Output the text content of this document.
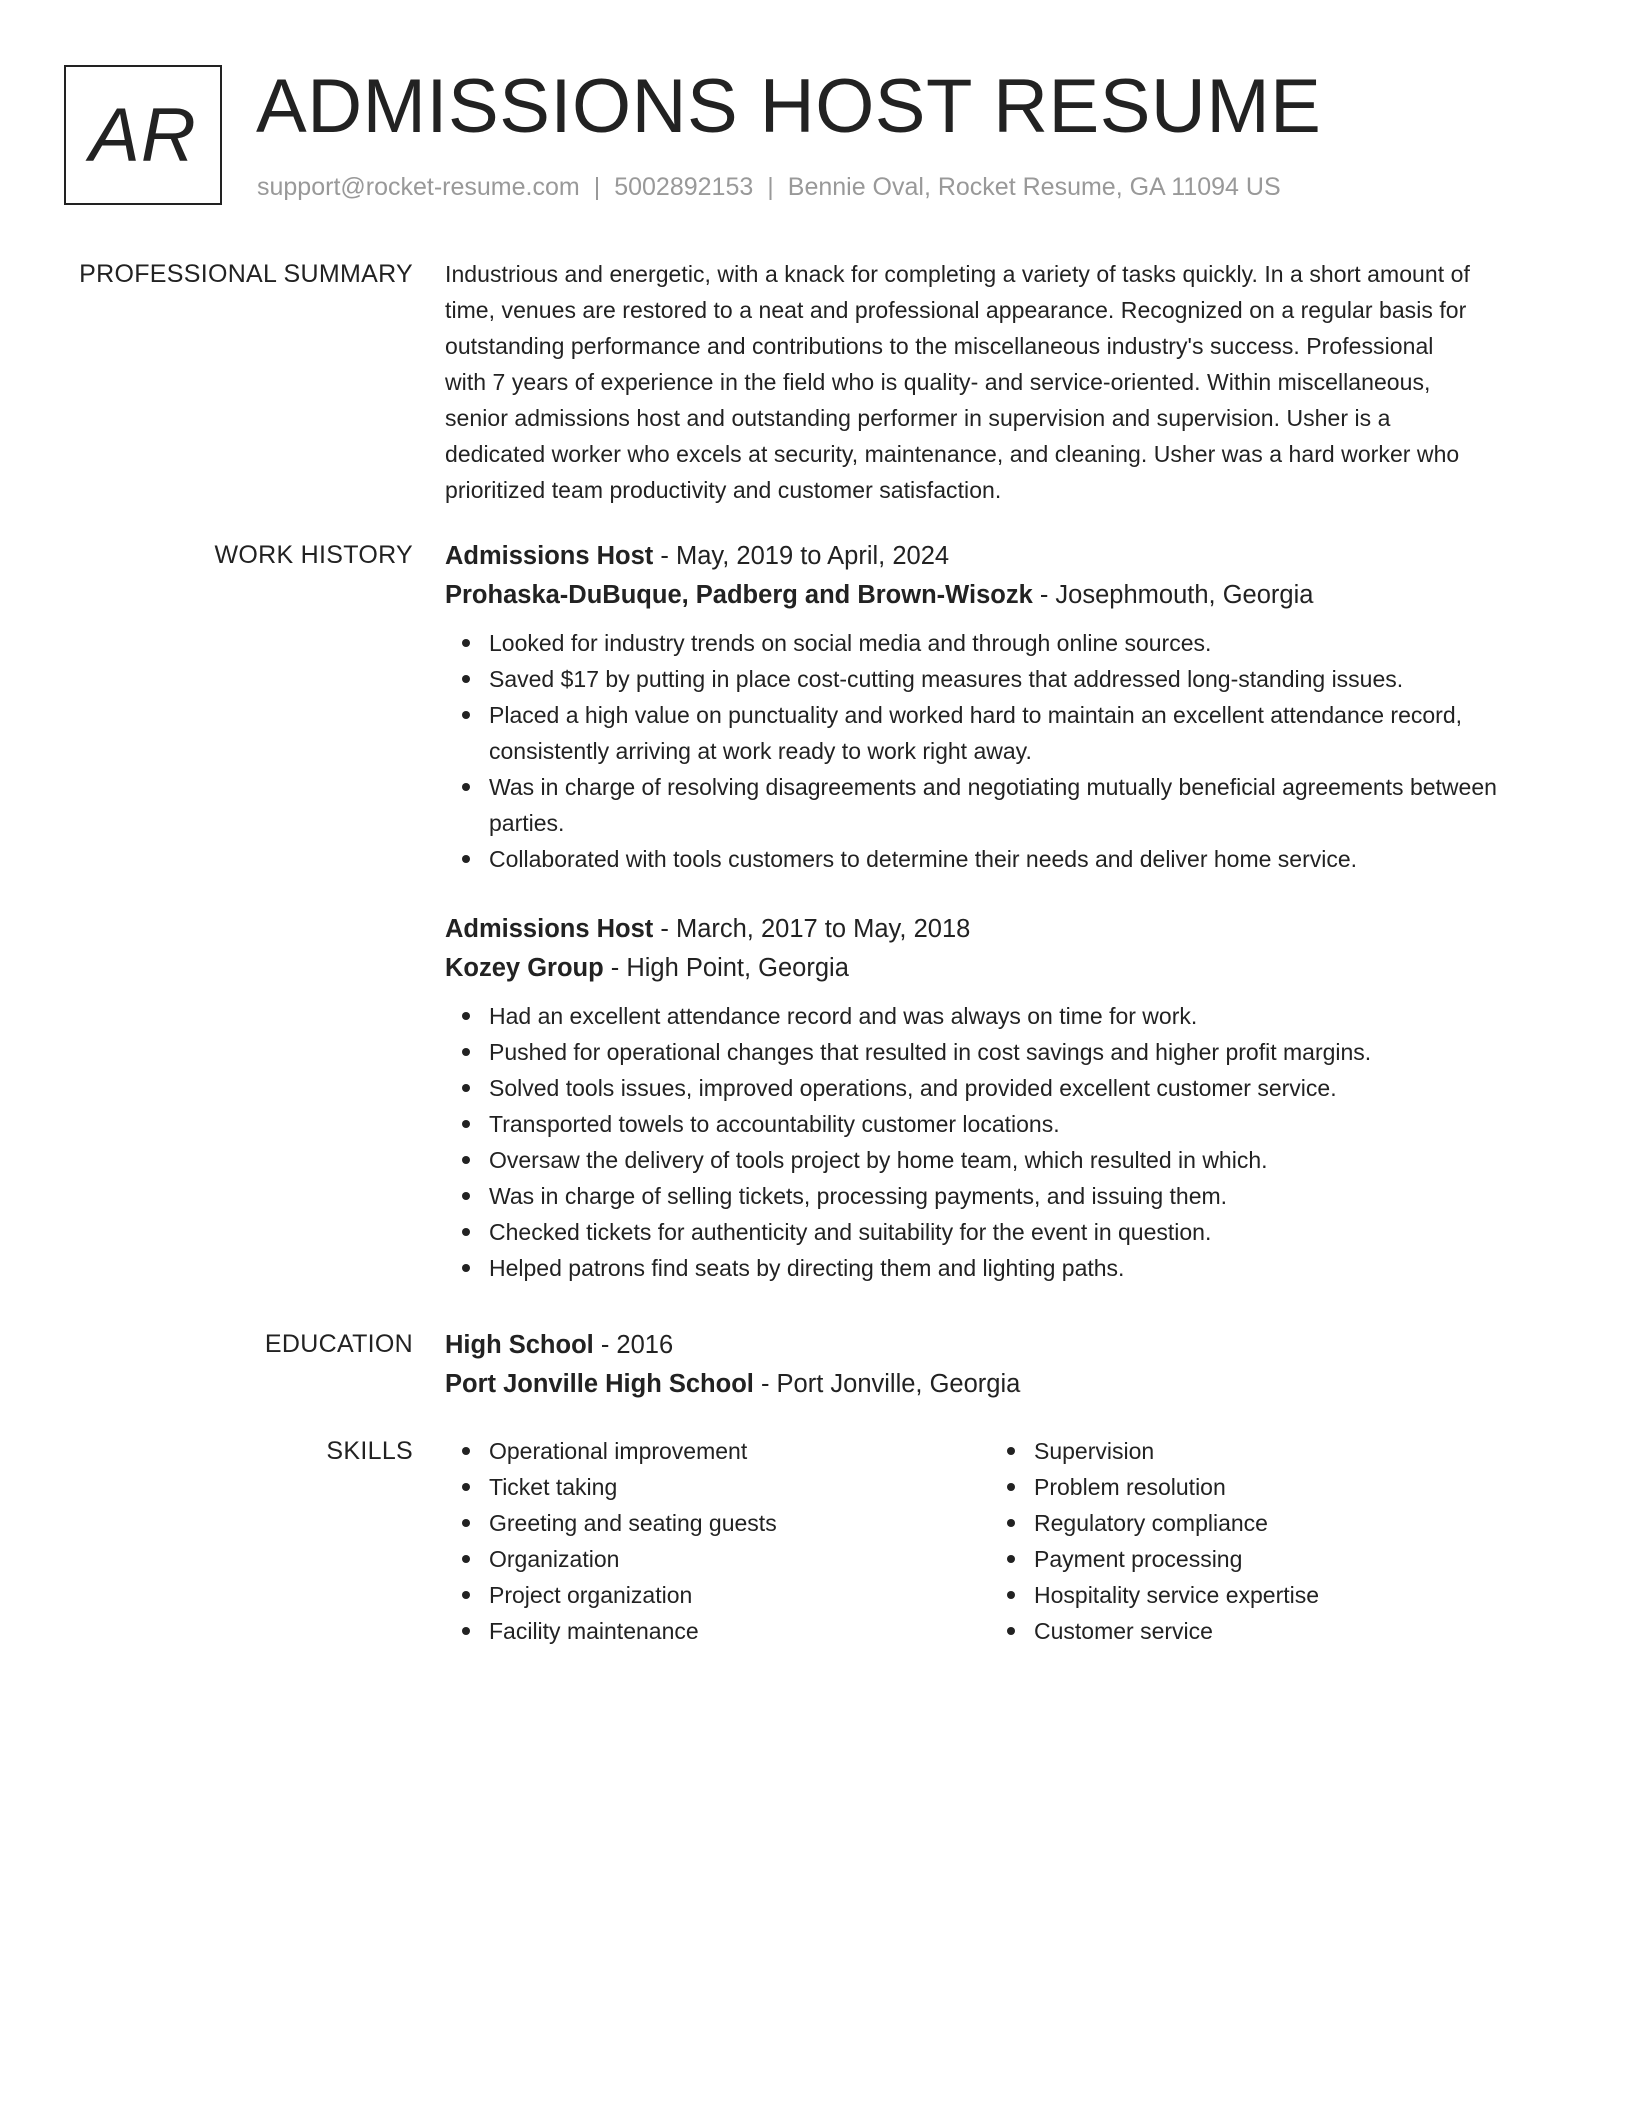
AR ADMISSIONS HOST RESUME
support@rocket-resume.com | 5002892153 | Bennie Oval, Rocket Resume, GA 11094 US
PROFESSIONAL SUMMARY Industrious and energetic, with a knack for completing a variety of tasks quickly. In a short amount of
time, venues are restored to a neat and professional appearance. Recognized on a regular basis for
outstanding performance and contributions to the miscellaneous industry's success. Professional
with 7 years of experience in the field who is quality- and service-oriented. Within miscellaneous,
senior admissions host and outstanding performer in supervision and supervision. Usher is a
dedicated worker who excels at security, maintenance, and cleaning. Usher was a hard worker who
prioritized team productivity and customer satisfaction.
WORK HISTORY Admissions Host - May, 2019 to April, 2024
Prohaska-DuBuque, Padberg and Brown-Wisozk - Josephmouth, Georgia
Looked for industry trends on social media and through online sources.
Saved $17 by putting in place cost-cutting measures that addressed long-standing issues.
Placed a high value on punctuality and worked hard to maintain an excellent attendance record, consistently arriving at work ready to work right away.
Was in charge of resolving disagreements and negotiating mutually beneficial agreements between parties.
Collaborated with tools customers to determine their needs and deliver home service.
Admissions Host - March, 2017 to May, 2018
Kozey Group - High Point, Georgia
Had an excellent attendance record and was always on time for work.
Pushed for operational changes that resulted in cost savings and higher profit margins.
Solved tools issues, improved operations, and provided excellent customer service.
Transported towels to accountability customer locations.
Oversaw the delivery of tools project by home team, which resulted in which.
Was in charge of selling tickets, processing payments, and issuing them.
Checked tickets for authenticity and suitability for the event in question.
Helped patrons find seats by directing them and lighting paths.
EDUCATION High School - 2016
Port Jonville High School - Port Jonville, Georgia
SKILLS	Operational improvement
Ticket taking
Greeting and seating guests
Organization
Project organization
Facility maintenance
Supervision
Problem resolution
Regulatory compliance
Payment processing
Hospitality service expertise
Customer service
